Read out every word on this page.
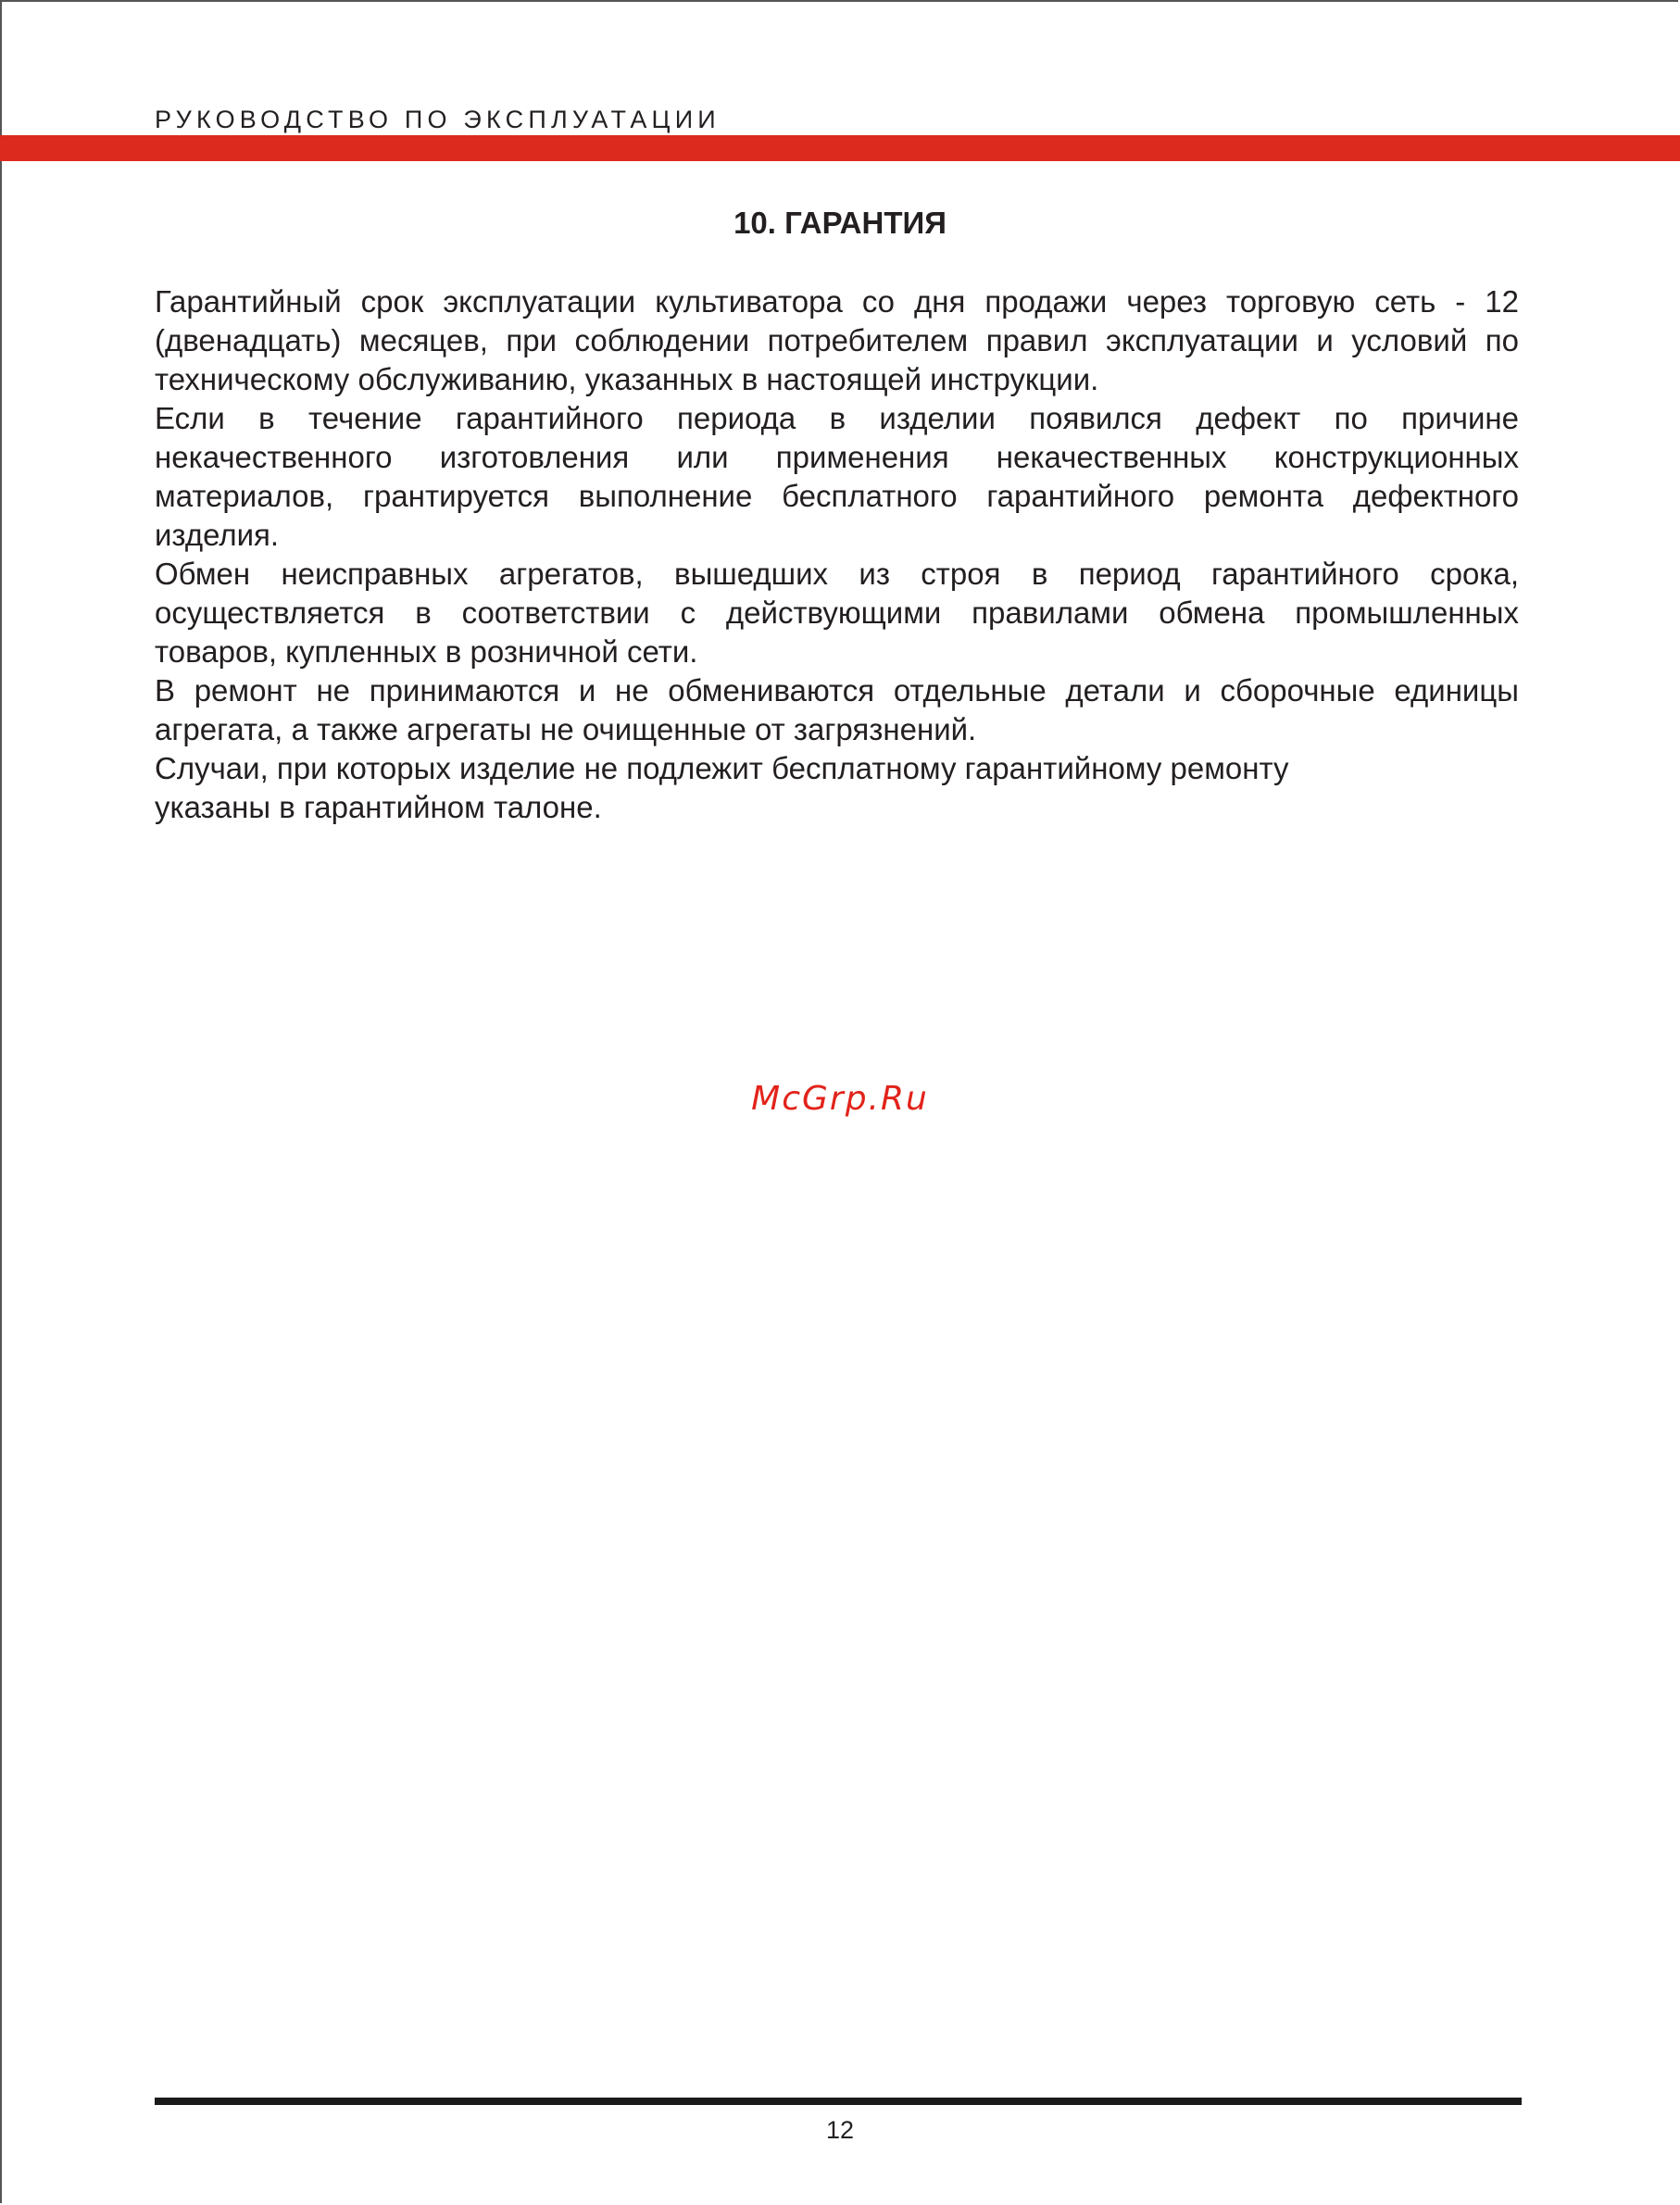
РУКОВОДСТВО ПО ЭКСПЛУАТАЦИИ
10. ГАРАНТИЯ

Гарантийный срок эксплуатации культиватора со дня продажи через торговую сеть - 12
(двенадцать) месяцев, при соблюдении потребителем правил эксплуатации и условий по
техническому обслуживанию, указанных в настоящей инструкции.

Если в течение гарантийного периода в изделии появился дефект по причине
некачественного изготовления или применения некачественных конструкционных
материалов, грантируется выполнение бесплатного гарантийного ремонта дефектного
изделия.

Обмен неисправных агрегатов, вышедших из строя в период гарантийного срока,
осуществляется в соответствии с действующими правилами обмена промышленных
товаров, купленных в розничной сети.

В ремонт не принимаются и не обмениваются отдельные детали и сборочные единицы
агрегата, а также агрегаты не очищенные от загрязнений.

Случаи, при которых изделие не подлежит бесплатному гарантийному ремонту
указаны в гарантийном талоне.

McGrp.Ru
12
